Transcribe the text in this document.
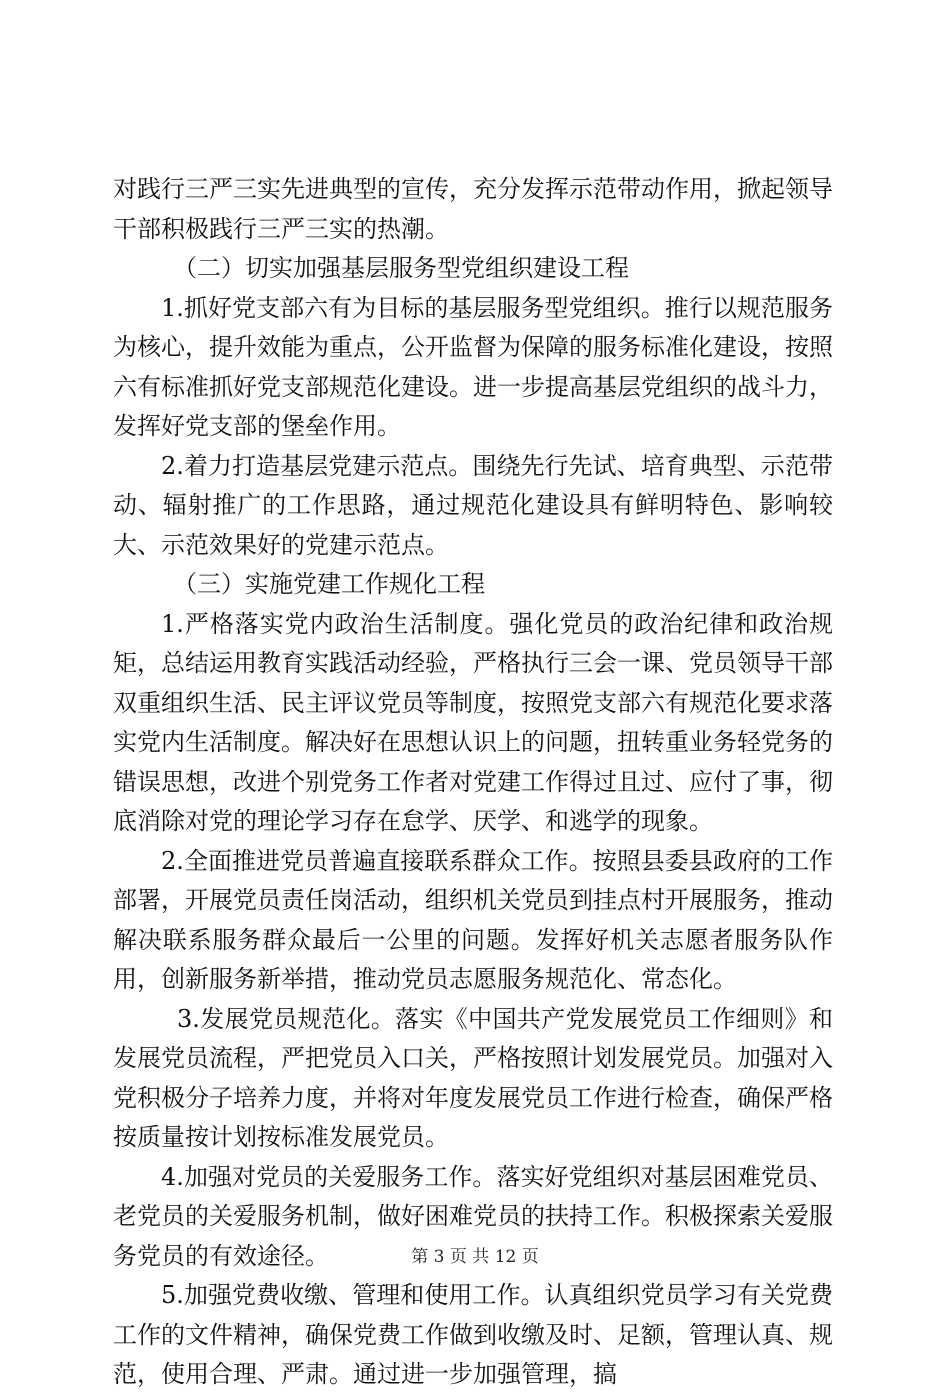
对践行三严三实先进典型的宣传，充分发挥示范带动作用，掀起领导干部积极践行三严三实的热潮。

（二）切实加强基层服务型党组织建设工程

1.抓好党支部六有为目标的基层服务型党组织。推行以规范服务为核心，提升效能为重点，公开监督为保障的服务标准化建设，按照六有标准抓好党支部规范化建设。进一步提高基层党组织的战斗力，发挥好党支部的堡垒作用。

2.着力打造基层党建示范点。围绕先行先试、培育典型、示范带动、辐射推广的工作思路，通过规范化建设具有鲜明特色、影响较大、示范效果好的党建示范点。

（三）实施党建工作规化工程

1.严格落实党内政治生活制度。强化党员的政治纪律和政治规矩，总结运用教育实践活动经验，严格执行三会一课、党员领导干部双重组织生活、民主评议党员等制度，按照党支部六有规范化要求落实党内生活制度。解决好在思想认识上的问题，扭转重业务轻党务的错误思想，改进个别党务工作者对党建工作得过且过、应付了事，彻底消除对党的理论学习存在怠学、厌学、和逃学的现象。

2.全面推进党员普遍直接联系群众工作。按照县委县政府的工作部署，开展党员责任岗活动，组织机关党员到挂点村开展服务，推动解决联系服务群众最后一公里的问题。发挥好机关志愿者服务队作用，创新服务新举措，推动党员志愿服务规范化、常态化。

3.发展党员规范化。落实《中国共产党发展党员工作细则》和发展党员流程，严把党员入口关，严格按照计划发展党员。加强对入党积极分子培养力度，并将对年度发展党员工作进行检查，确保严格按质量按计划按标准发展党员。

4.加强对党员的关爱服务工作。落实好党组织对基层困难党员、老党员的关爱服务机制，做好困难党员的扶持工作。积极探索关爱服务党员的有效途径。

5.加强党费收缴、管理和使用工作。认真组织党员学习有关党费工作的文件精神，确保党费工作做到收缴及时、足额，管理认真、规范，使用合理、严肃。通过进一步加强管理，搞

第 3 页 共 12 页
